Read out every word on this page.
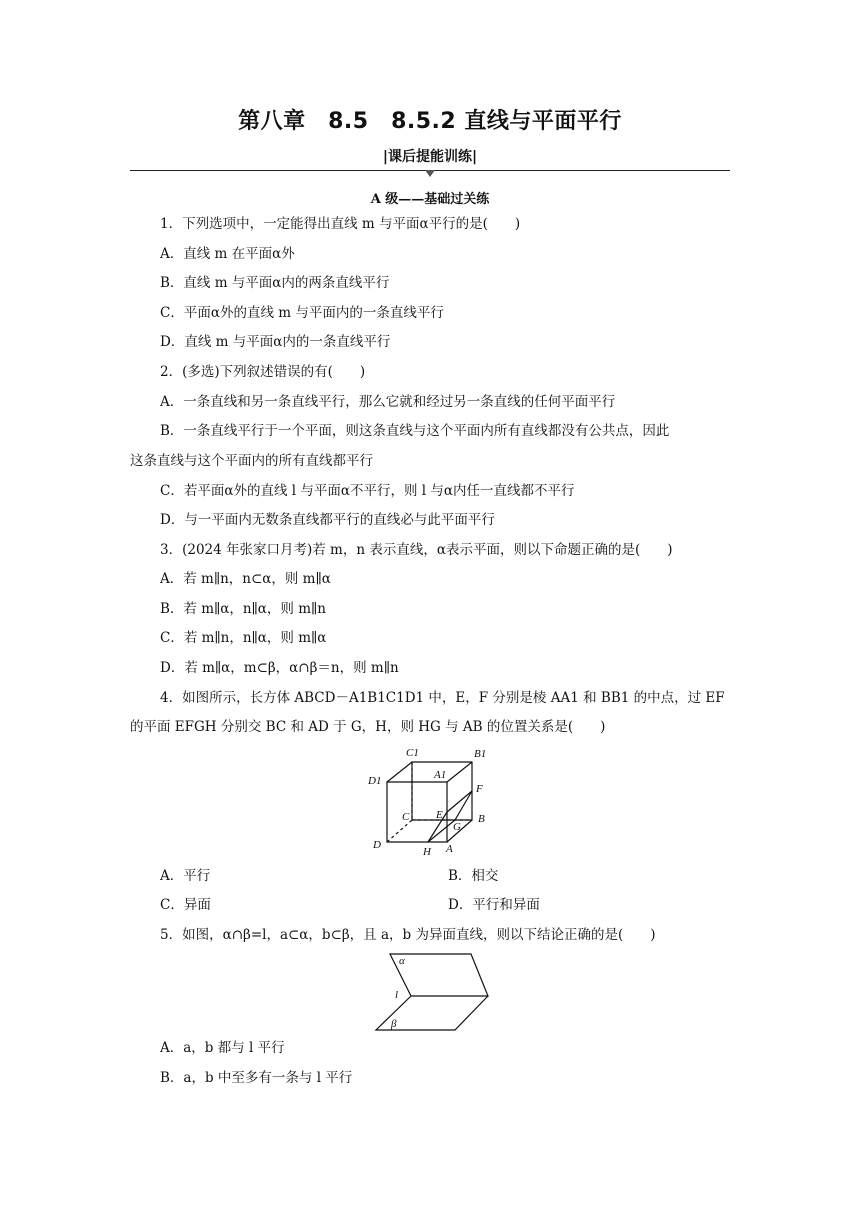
第八章　8.5　8.5.2 直线与平面平行
|课后提能训练|
A 级——基础过关练
1．下列选项中，一定能得出直线 m 与平面α平行的是(　　)
A．直线 m 在平面α外
B．直线 m 与平面α内的两条直线平行
C．平面α外的直线 m 与平面内的一条直线平行
D．直线 m 与平面α内的一条直线平行
2．(多选)下列叙述错误的有(　　)
A．一条直线和另一条直线平行，那么它就和经过另一条直线的任何平面平行
B．一条直线平行于一个平面，则这条直线与这个平面内所有直线都没有公共点，因此
这条直线与这个平面内的所有直线都平行
C．若平面α外的直线 l 与平面α不平行，则 l 与α内任一直线都不平行
D．与一平面内无数条直线都平行的直线必与此平面平行
3．(2024 年张家口月考)若 m，n 表示直线，α表示平面，则以下命题正确的是(　　)
A．若 m∥n，n⊂α，则 m∥α
B．若 m∥α，n∥α，则 m∥n
C．若 m∥n，n∥α，则 m∥α
D．若 m∥α，m⊂β，α∩β＝n，则 m∥n
4．如图所示，长方体 ABCD－A1B1C1D1 中，E，F 分别是棱 AA1 和 BB1 的中点，过 EF
的平面 EFGH 分别交 BC 和 AD 于 G，H，则 HG 与 AB 的位置关系是(　　)
C1	B1
D1	A1
F
E
C
G
B
D
H A
A．平行	B．相交
C．异面	D．平行和异面
5．如图，α∩β=l，a⊂α，b⊂β，且 a，b 为异面直线，则以下结论正确的是(　　)
α
l
β
A．a，b 都与 l 平行
B．a，b 中至多有一条与 l 平行
